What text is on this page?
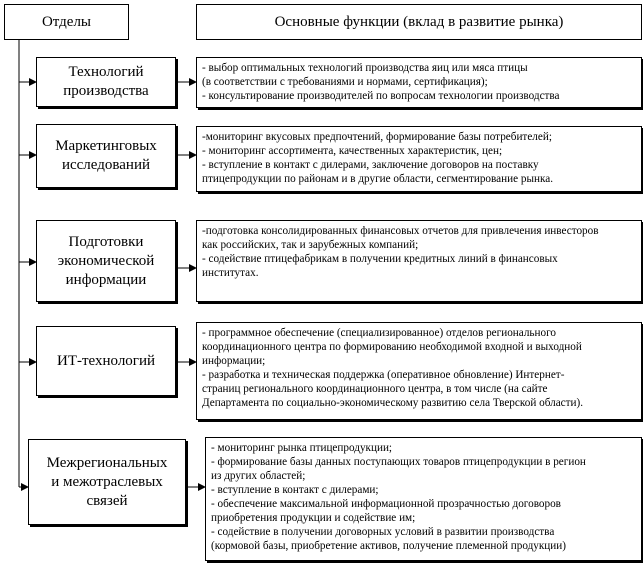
Отделы	Основные функции (вклад в развитие рынка)
Технологий
производства
- выбор оптимальных технологий производства яиц или мяса птицы
(в соответствии с требованиями и нормами, сертификация);
- консультирование производителей по вопросам технологии производства
Маркетинговых
исследований
-мониторинг вкусовых предпочтений, формирование базы потребителей;
- мониторинг ассортимента, качественных характеристик, цен;
- вступление в контакт с дилерами, заключение договоров на поставку
птицепродукции по районам и в другие области, сегментирование рынка.
Подготовки
экономической
информации
-подготовка консолидированных финансовых отчетов для привлечения инвесторов
как российских, так и зарубежных компаний;
- содействие птицефабрикам в получении кредитных линий в финансовых
институтах.
ИТ-технологий
- программное обеспечение (специализированное) отделов регионального
координационного центра по формированию необходимой входной и выходной
информации;
- разработка и техническая поддержка (оперативное обновление) Интернет-
страниц регионального координационного центра, в том числе (на сайте
Департамента по социально-экономическому развитию села Тверской области).
Межрегиональных
и межотраслевых
связей
- мониторинг рынка птицепродукции;
- формирование базы данных поступающих товаров птицепродукции в регион
из других областей;
- вступление в контакт с дилерами;
- обеспечение максимальной информационной прозрачностью договоров
приобретения продукции и содействие им;
- содействие в получении договорных условий в развитии производства
(кормовой базы, приобретение активов, получение племенной продукции)
